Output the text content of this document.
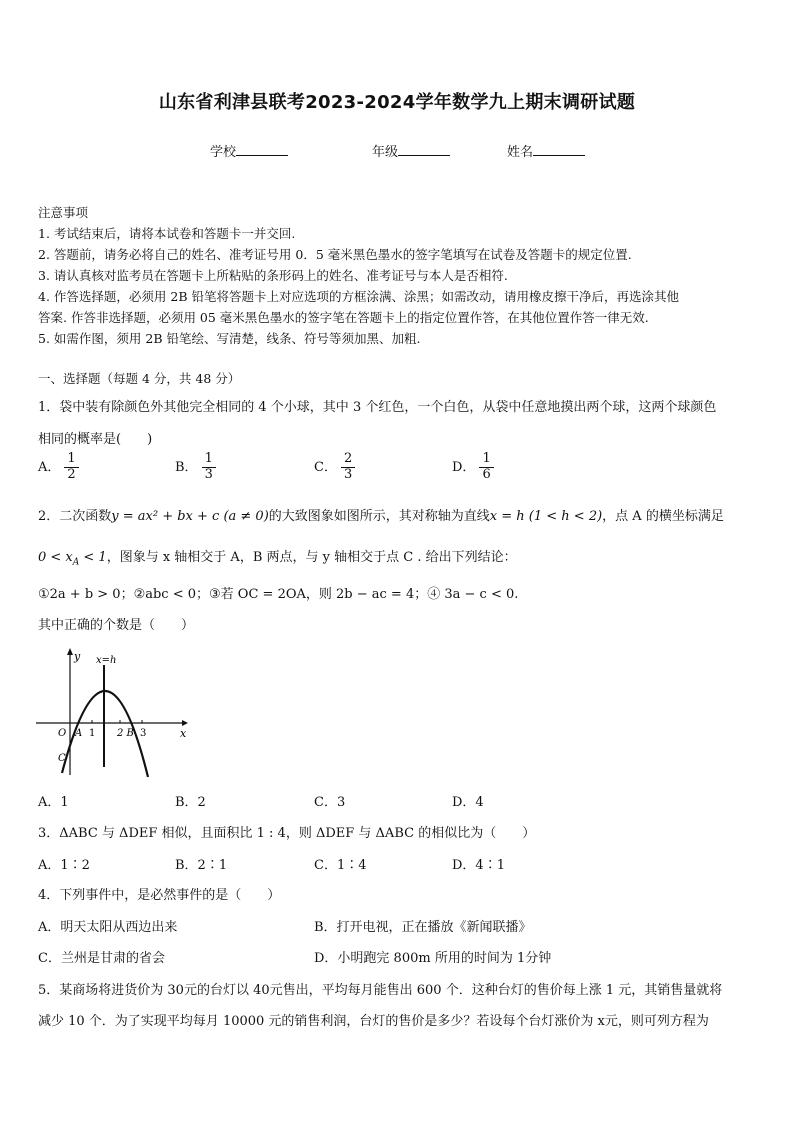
山东省利津县联考2023-2024学年数学九上期末调研试题
学校	年级	姓名
注意事项
1. 考试结束后，请将本试卷和答题卡一并交回.
2. 答题前，请务必将自己的姓名、准考证号用 0．5 毫米黑色墨水的签字笔填写在试卷及答题卡的规定位置.
3. 请认真核对监考员在答题卡上所粘贴的条形码上的姓名、准考证号与本人是否相符.
4. 作答选择题，必须用 2B 铅笔将答题卡上对应选项的方框涂满、涂黑；如需改动，请用橡皮擦干净后，再选涂其他
答案. 作答非选择题，必须用 05 毫米黑色墨水的签字笔在答题卡上的指定位置作答，在其他位置作答一律无效.
5. 如需作图，须用 2B 铅笔绘、写清楚，线条、符号等须加黑、加粗.
一、选择题（每题 4 分，共 48 分）
1．袋中装有除颜色外其他完全相同的 4 个小球，其中 3 个红色，一个白色，从袋中任意地摸出两个球，这两个球颜色
相同的概率是(　　)
A． $\frac{1}{2}$	B． $\frac{1}{3}$	C． $\frac{2}{3}$	D． $\frac{1}{6}$
2．二次函数y = ax² + bx + c (a ≠ 0)的大致图象如图所示，其对称轴为直线x = h (1 < h < 2)，点 A 的横坐标满足
$0 < x_A < 1$，图象与 x 轴相交于 A，B 两点，与 y 轴相交于点 C . 给出下列结论：
①2a + b > 0；②abc < 0；③若 OC = 2OA，则 2b − ac = 4；④ 3a − c < 0.
其中正确的个数是（　　）
y
x
x=h
O A 1 2 B 3
C
A．1	B．2	C．3	D．4
3．ΔABC 与 ΔDEF 相似，且面积比 1 : 4，则 ΔDEF 与 ΔABC 的相似比为（　　）
A．1∶2	B．2∶1	C．1∶4	D．4∶1
4．下列事件中，是必然事件的是（　　）
A．明天太阳从西边出来	B．打开电视，正在播放《新闻联播》
C．兰州是甘肃的省会	D．小明跑完 800m 所用的时间为 1分钟
5．某商场将进货价为 30元的台灯以 40元售出，平均每月能售出 600 个．这种台灯的售价每上涨 1 元，其销售量就将
减少 10 个．为了实现平均每月 10000 元的销售利润，台灯的售价是多少？若设每个台灯涨价为 x元，则可列方程为
